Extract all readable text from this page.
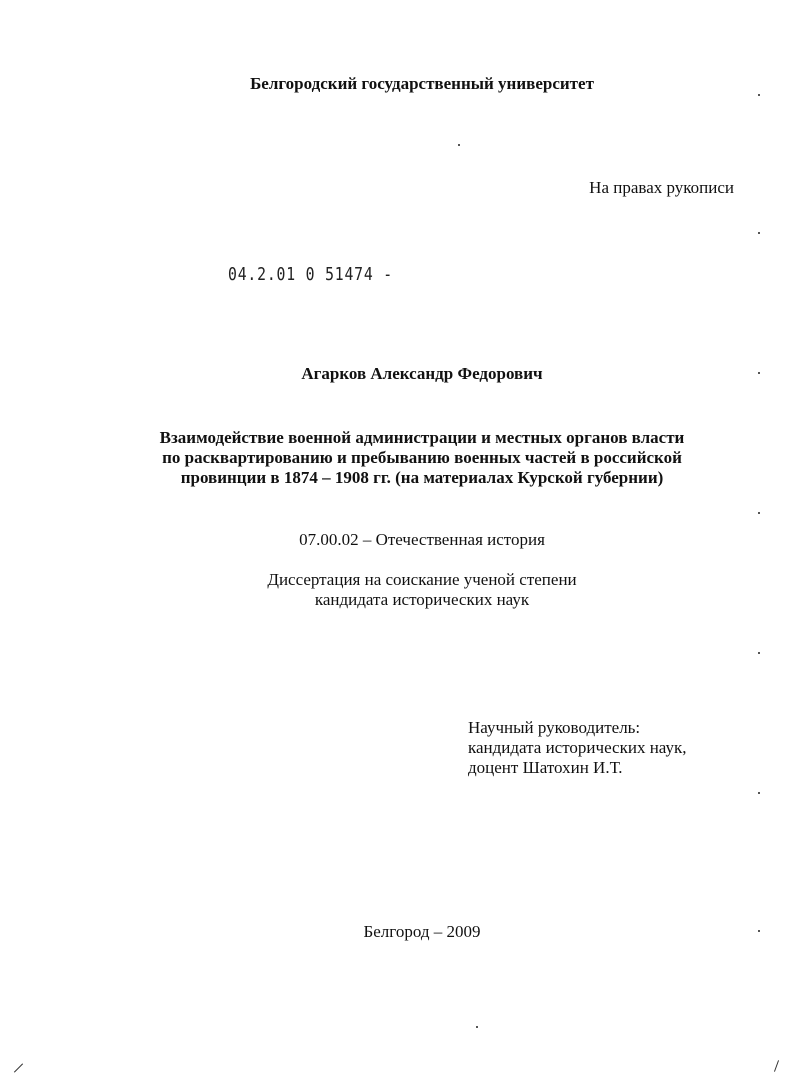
Белгородский государственный университет
На правах рукописи
04.2.01 0 51474 -
Агарков Александр Федорович
Взаимодействие военной администрации и местных органов власти
по расквартированию и пребыванию военных частей в российской
провинции в 1874 – 1908 гг. (на материалах Курской губернии)
07.00.02 – Отечественная история
Диссертация на соискание ученой степени
кандидата исторических наук
Научный руководитель:
кандидата исторических наук,
доцент Шатохин И.Т.
Белгород – 2009
